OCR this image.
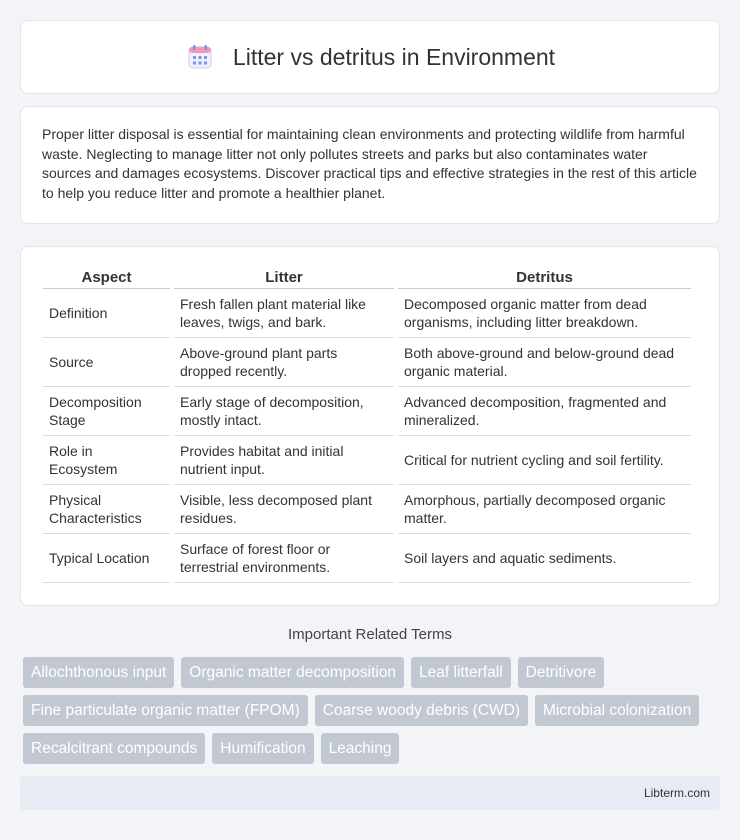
Litter vs detritus in Environment

Proper litter disposal is essential for maintaining clean environments and protecting wildlife from harmful waste. Neglecting to manage litter not only pollutes streets and parks but also contaminates water sources and damages ecosystems. Discover practical tips and effective strategies in the rest of this article to help you reduce litter and promote a healthier planet.

Aspect	Litter	Detritus
Definition	Fresh fallen plant material like leaves, twigs, and bark.	Decomposed organic matter from dead organisms, including litter breakdown.
Source	Above-ground plant parts dropped recently.	Both above-ground and below-ground dead organic material.
Decomposition Stage	Early stage of decomposition, mostly intact.	Advanced decomposition, fragmented and mineralized.
Role in Ecosystem	Provides habitat and initial nutrient input.	Critical for nutrient cycling and soil fertility.
Physical Characteristics	Visible, less decomposed plant residues.	Amorphous, partially decomposed organic matter.
Typical Location	Surface of forest floor or terrestrial environments.	Soil layers and aquatic sediments.
Important Related Terms
Allochthonous input	Organic matter decomposition	Leaf litterfall	Detritivore
Fine particulate organic matter (FPOM)	Coarse woody debris (CWD)	Microbial colonization
Recalcitrant compounds	Humification	Leaching
Libterm.com
